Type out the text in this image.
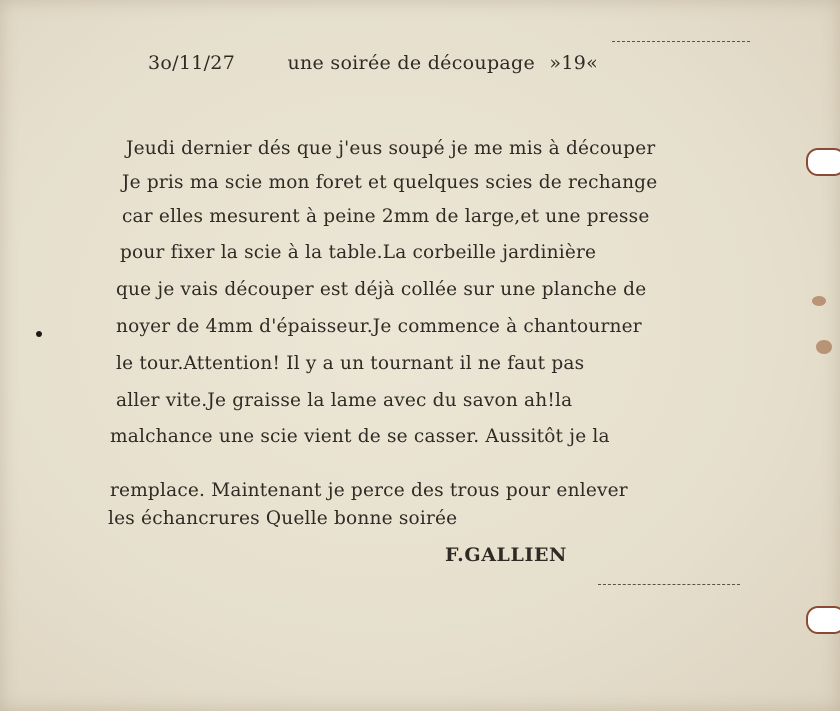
3o/11/27	une soirée de découpage »19«
Jeudi dernier dés que j'eus soupé je me mis à découper
Je pris ma scie mon foret et quelques scies de rechange
car elles mesurent à peine 2mm de large,et une presse
pour fixer la scie à la table.La corbeille jardinière
que je vais découper est déjà collée sur une planche de
noyer de 4mm d'épaisseur.Je commence à chantourner
le tour.Attention! Il y a un tournant il ne faut pas
aller vite.Je graisse la lame avec du savon ah!la
malchance une scie vient de se casser. Aussitôt je la
remplace. Maintenant je perce des trous pour enlever
les échancrures Quelle bonne soirée
F.GALLIEN
